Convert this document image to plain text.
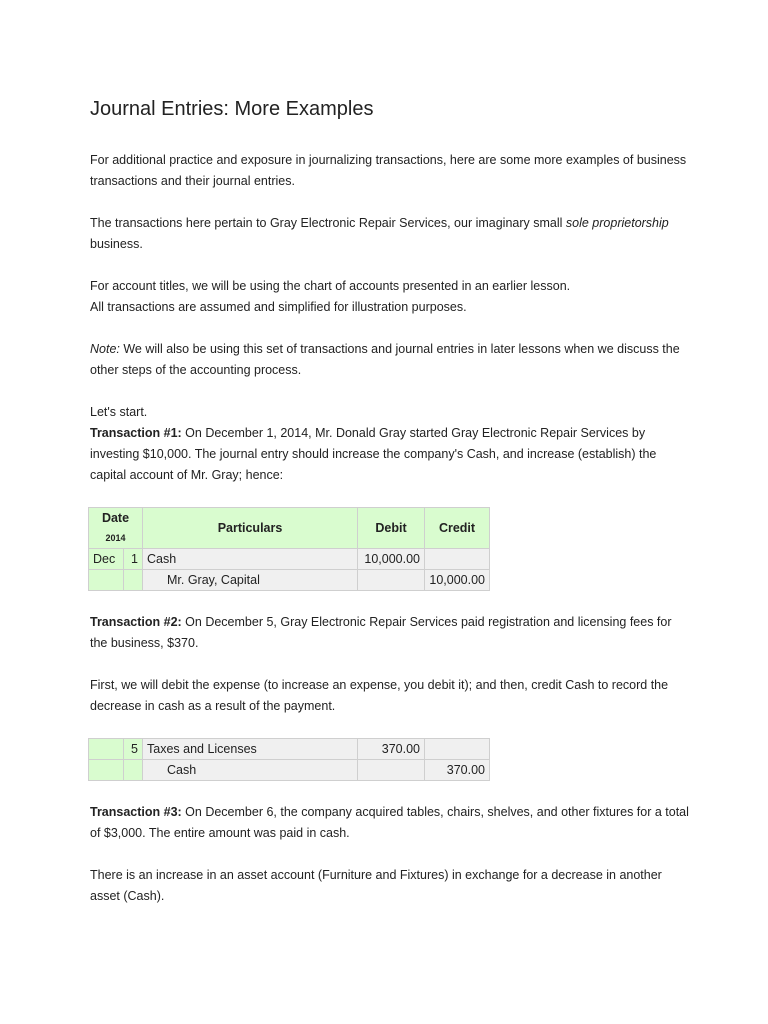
Journal Entries: More Examples

For additional practice and exposure in journalizing transactions, here are some more examples of business transactions and their journal entries.

The transactions here pertain to Gray Electronic Repair Services, our imaginary small sole proprietorship business.

For account titles, we will be using the chart of accounts presented in an earlier lesson.
All transactions are assumed and simplified for illustration purposes.

Note: We will also be using this set of transactions and journal entries in later lessons when we discuss the other steps of the accounting process.

Let's start.

Transaction #1: On December 1, 2014, Mr. Donald Gray started Gray Electronic Repair Services by investing $10,000. The journal entry should increase the company's Cash, and increase (establish) the capital account of Mr. Gray; hence:

Date
2014		Particulars	Debit	Credit
Dec	1	Cash	10,000.00	
		Mr. Gray, Capital		10,000.00

Transaction #2: On December 5, Gray Electronic Repair Services paid registration and licensing fees for the business, $370.

First, we will debit the expense (to increase an expense, you debit it); and then, credit Cash to record the decrease in cash as a result of the payment.

	5	Taxes and Licenses	370.00	
		Cash		370.00

Transaction #3: On December 6, the company acquired tables, chairs, shelves, and other fixtures for a total of $3,000. The entire amount was paid in cash.

There is an increase in an asset account (Furniture and Fixtures) in exchange for a decrease in another asset (Cash).
